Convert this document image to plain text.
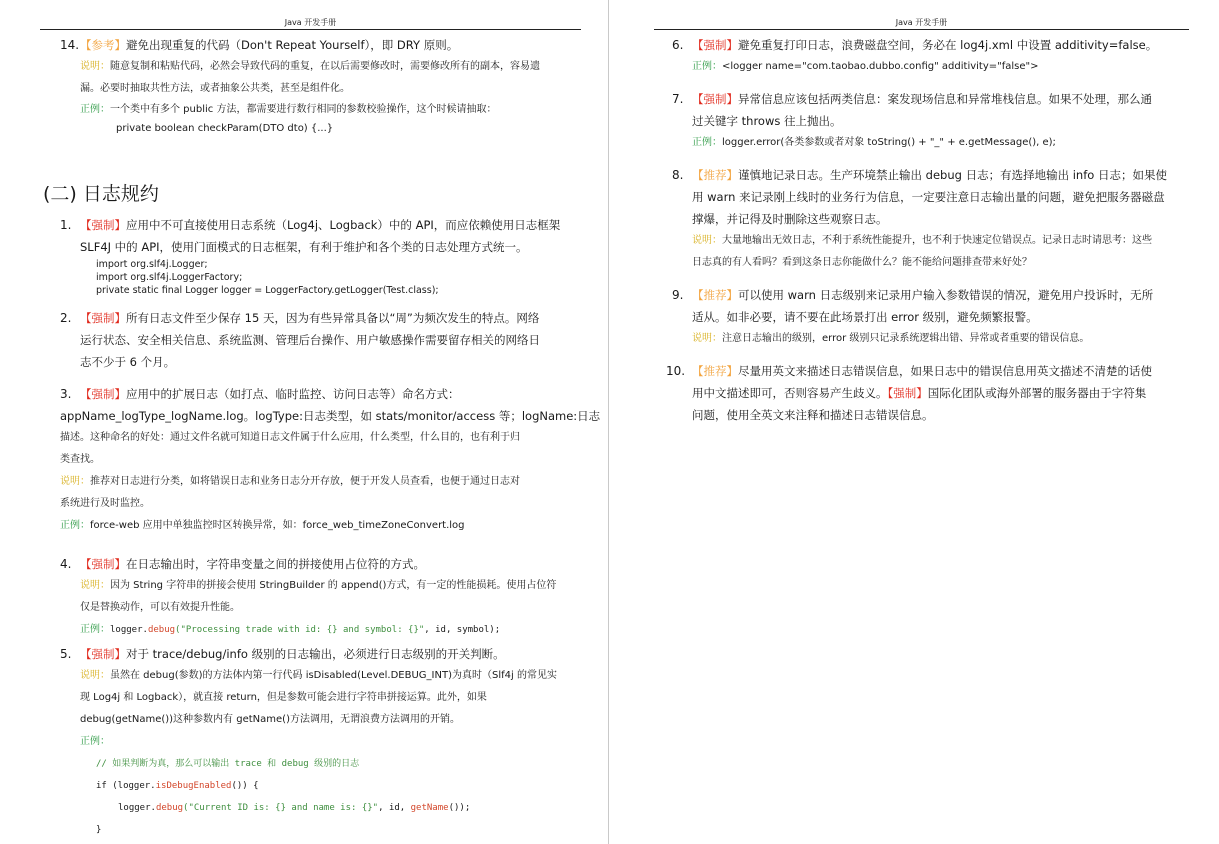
Java 开发手册
14. 【参考】避免出现重复的代码（Don't Repeat Yourself），即 DRY 原则。
说明：随意复制和粘贴代码，必然会导致代码的重复，在以后需要修改时，需要修改所有的副本，容易遗
漏。必要时抽取共性方法，或者抽象公共类，甚至是组件化。
正例：一个类中有多个 public 方法，都需要进行数行相同的参数校验操作，这个时候请抽取：
private boolean checkParam(DTO dto) {...}
(二) 日志规约
1. 【强制】应用中不可直接使用日志系统（Log4j、Logback）中的 API，而应依赖使用日志框架
SLF4J 中的 API，使用门面模式的日志框架，有利于维护和各个类的日志处理方式统一。
import org.slf4j.Logger;
import org.slf4j.LoggerFactory;
private static final Logger logger = LoggerFactory.getLogger(Test.class);
2. 【强制】所有日志文件至少保存 15 天，因为有些异常具备以“周”为频次发生的特点。网络
运行状态、安全相关信息、系统监测、管理后台操作、用户敏感操作需要留存相关的网络日
志不少于 6 个月。
3. 【强制】应用中的扩展日志（如打点、临时监控、访问日志等）命名方式：
appName_logType_logName.log。logType:日志类型，如 stats/monitor/access 等；logName:日志
描述。这种命名的好处：通过文件名就可知道日志文件属于什么应用，什么类型，什么目的，也有利于归
类查找。
说明：推荐对日志进行分类，如将错误日志和业务日志分开存放，便于开发人员查看，也便于通过日志对
系统进行及时监控。
正例：force-web 应用中单独监控时区转换异常，如：force_web_timeZoneConvert.log
4. 【强制】在日志输出时，字符串变量之间的拼接使用占位符的方式。
说明：因为 String 字符串的拼接会使用 StringBuilder 的 append()方式，有一定的性能损耗。使用占位符
仅是替换动作，可以有效提升性能。
正例：logger.debug("Processing trade with id: {} and symbol: {}", id, symbol);
5. 【强制】对于 trace/debug/info 级别的日志输出，必须进行日志级别的开关判断。
说明：虽然在 debug(参数)的方法体内第一行代码 isDisabled(Level.DEBUG_INT)为真时（Slf4j 的常见实
现 Log4j 和 Logback），就直接 return，但是参数可能会进行字符串拼接运算。此外，如果
debug(getName())这种参数内有 getName()方法调用，无谓浪费方法调用的开销。
正例：
// 如果判断为真，那么可以输出 trace 和 debug 级别的日志
if (logger.isDebugEnabled()) {
logger.debug("Current ID is: {} and name is: {}", id, getName());
}
Java 开发手册
6. 【强制】避免重复打印日志，浪费磁盘空间，务必在 log4j.xml 中设置 additivity=false。
正例：<logger name="com.taobao.dubbo.config" additivity="false">
7. 【强制】异常信息应该包括两类信息：案发现场信息和异常堆栈信息。如果不处理，那么通
过关键字 throws 往上抛出。
正例：logger.error(各类参数或者对象 toString() + "_" + e.getMessage(), e);
8. 【推荐】谨慎地记录日志。生产环境禁止输出 debug 日志；有选择地输出 info 日志；如果使
用 warn 来记录刚上线时的业务行为信息，一定要注意日志输出量的问题，避免把服务器磁盘
撑爆，并记得及时删除这些观察日志。
说明：大量地输出无效日志，不利于系统性能提升，也不利于快速定位错误点。记录日志时请思考：这些
日志真的有人看吗？看到这条日志你能做什么？能不能给问题排查带来好处？
9. 【推荐】可以使用 warn 日志级别来记录用户输入参数错误的情况，避免用户投诉时，无所
适从。如非必要，请不要在此场景打出 error 级别，避免频繁报警。
说明：注意日志输出的级别，error 级别只记录系统逻辑出错、异常或者重要的错误信息。
10. 【推荐】尽量用英文来描述日志错误信息，如果日志中的错误信息用英文描述不清楚的话使
用中文描述即可，否则容易产生歧义。【强制】国际化团队或海外部署的服务器由于字符集
问题，使用全英文来注释和描述日志错误信息。
